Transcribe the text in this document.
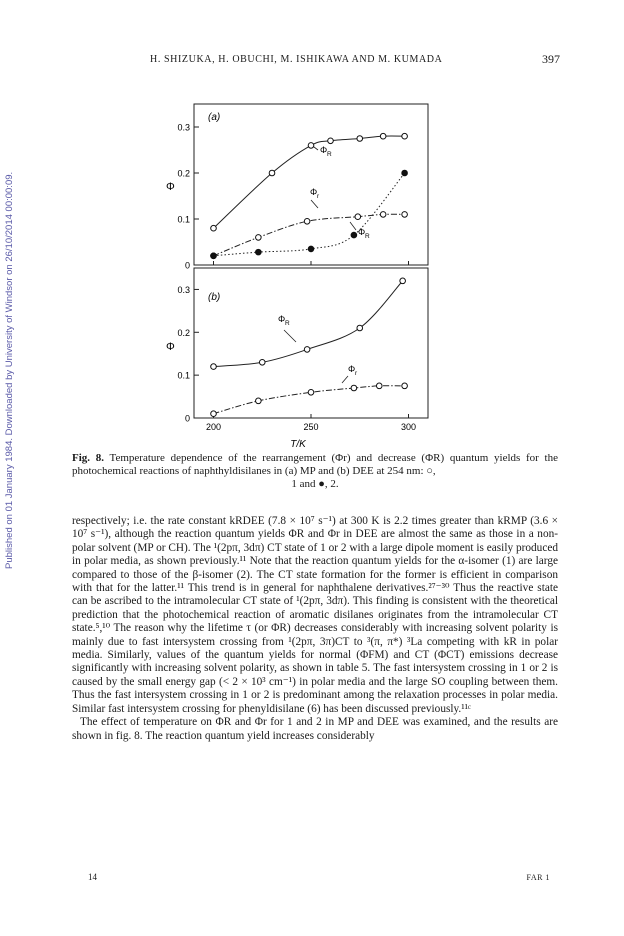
Published on 01 January 1984. Downloaded by University of Windsor on 26/10/2014 00:00:09.
H. SHIZUKA, H. OBUCHI, M. ISHIKAWA AND M. KUMADA	397
(a)
(b)
Φ
Φ
T/K
Φ R
Φ r
Φ R
Φ R
Φ r
0
0.1
0.2
0.3
0
0.1
0.2
0.3
200	250	300
Fig. 8. Temperature dependence of the rearrangement (Φr) and decrease (ΦR) quantum yields for the photochemical reactions of naphthyldisilanes in (a) MP and (b) DEE at 254 nm: ○,
1 and ●, 2.

respectively; i.e. the rate constant kRDEE (7.8 × 10⁷ s⁻¹) at 300 K is 2.2 times greater than kRMP (3.6 × 10⁷ s⁻¹), although the reaction quantum yields ΦR and Φr in DEE are almost the same as those in a non-polar solvent (MP or CH). The ¹(2pπ, 3dπ) CT state of 1 or 2 with a large dipole moment is easily produced in polar media, as shown previously.¹¹ Note that the reaction quantum yields for the α-isomer (1) are large compared to those of the β-isomer (2). The CT state formation for the former is efficient in comparison with that for the latter.¹¹ This trend is in general for naphthalene derivatives.²⁷⁻³⁰ Thus the reactive state can be ascribed to the intramolecular CT state of ¹(2pπ, 3dπ). This finding is consistent with the theoretical prediction that the photochemical reaction of aromatic disilanes originates from the intramolecular CT state.⁵,¹⁰ The reason why the lifetime τ (or ΦR) decreases considerably with increasing solvent polarity is mainly due to fast intersystem crossing from ¹(2pπ, 3π)CT to ³(π, π*) ³La competing with kR in polar media. Similarly, values of the quantum yields for normal (ΦFM) and CT (ΦCT) emissions decrease significantly with increasing solvent polarity, as shown in table 5. The fast intersystem crossing in 1 or 2 is caused by the small energy gap (< 2 × 10³ cm⁻¹) in polar media and the large SO coupling between them. Thus the fast intersystem crossing in 1 or 2 is predominant among the relaxation processes in polar media. Similar fast intersystem crossing for phenyldisilane (6) has been discussed previously.¹¹ᶜ

The effect of temperature on ΦR and Φr for 1 and 2 in MP and DEE was examined, and the results are shown in fig. 8. The reaction quantum yield increases considerably

14	FAR 1
